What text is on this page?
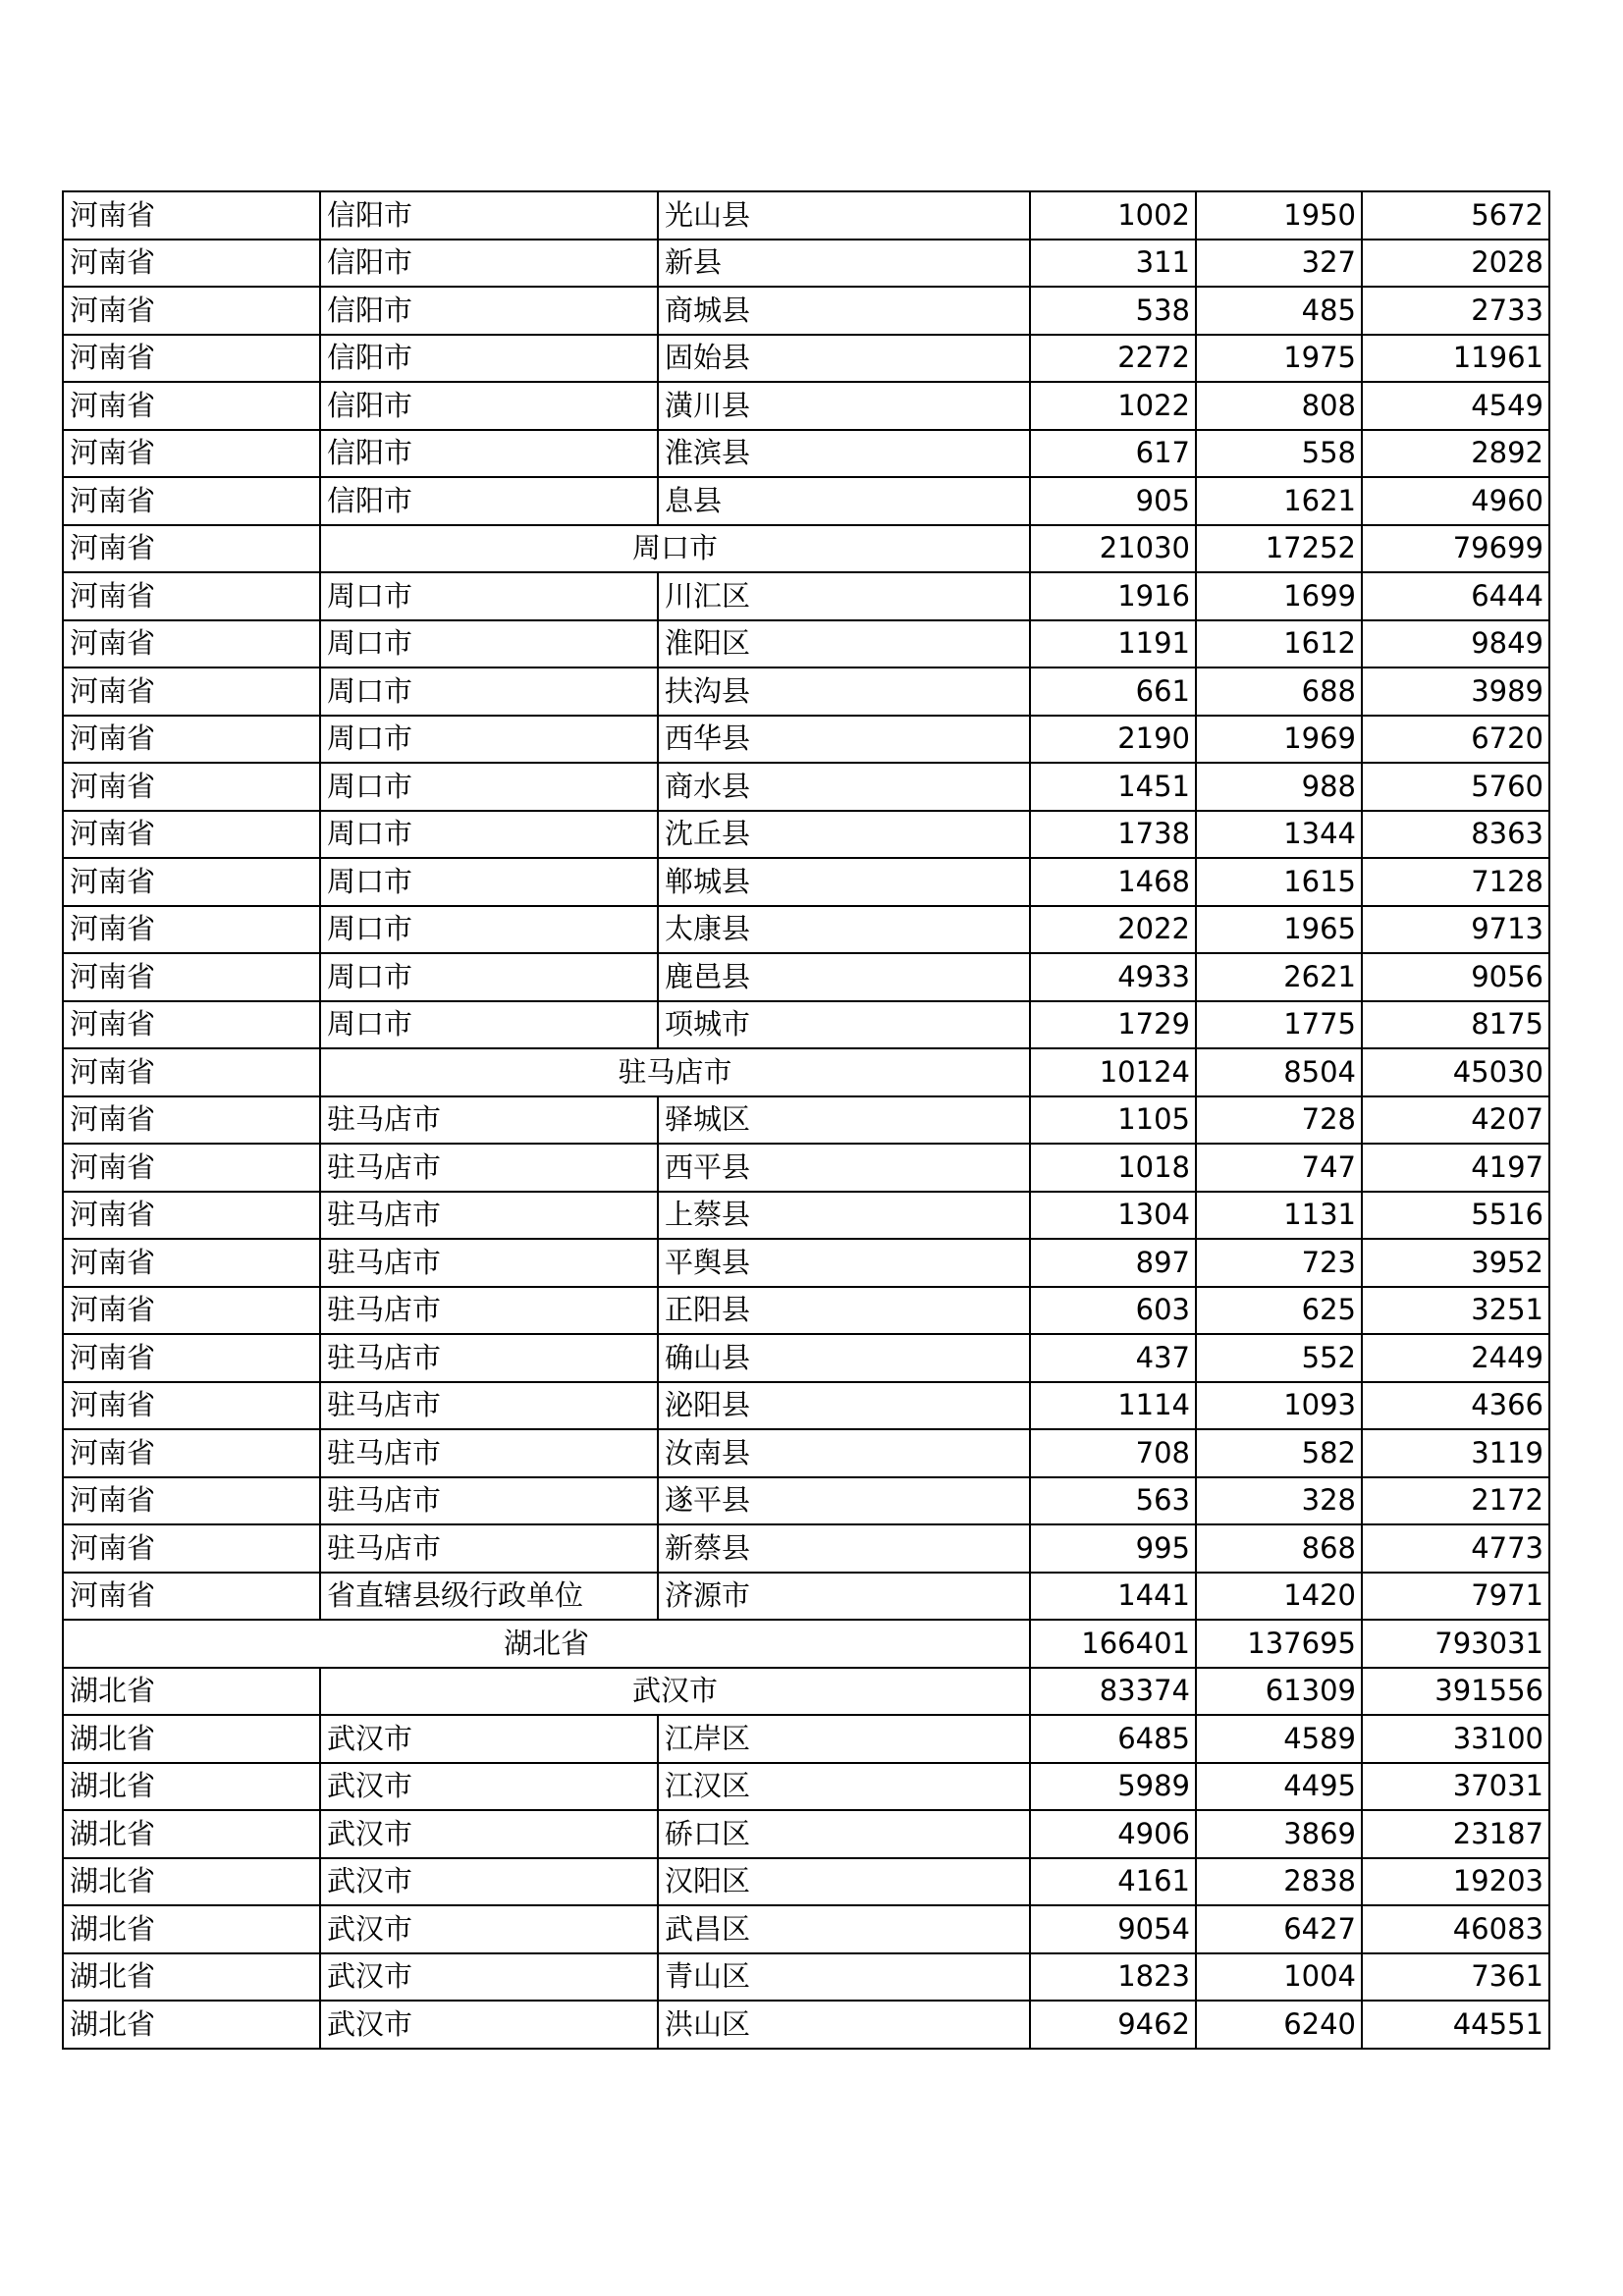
河南省	信阳市	光山县	1002	1950	5672
河南省	信阳市	新县	311	327	2028
河南省	信阳市	商城县	538	485	2733
河南省	信阳市	固始县	2272	1975	11961
河南省	信阳市	潢川县	1022	808	4549
河南省	信阳市	淮滨县	617	558	2892
河南省	信阳市	息县	905	1621	4960
河南省	周口市		21030	17252	79699
河南省	周口市	川汇区	1916	1699	6444
河南省	周口市	淮阳区	1191	1612	9849
河南省	周口市	扶沟县	661	688	3989
河南省	周口市	西华县	2190	1969	6720
河南省	周口市	商水县	1451	988	5760
河南省	周口市	沈丘县	1738	1344	8363
河南省	周口市	郸城县	1468	1615	7128
河南省	周口市	太康县	2022	1965	9713
河南省	周口市	鹿邑县	4933	2621	9056
河南省	周口市	项城市	1729	1775	8175
河南省	驻马店市		10124	8504	45030
河南省	驻马店市	驿城区	1105	728	4207
河南省	驻马店市	西平县	1018	747	4197
河南省	驻马店市	上蔡县	1304	1131	5516
河南省	驻马店市	平舆县	897	723	3952
河南省	驻马店市	正阳县	603	625	3251
河南省	驻马店市	确山县	437	552	2449
河南省	驻马店市	泌阳县	1114	1093	4366
河南省	驻马店市	汝南县	708	582	3119
河南省	驻马店市	遂平县	563	328	2172
河南省	驻马店市	新蔡县	995	868	4773
河南省	省直辖县级行政单位	济源市	1441	1420	7971
湖北省			166401	137695	793031
湖北省	武汉市		83374	61309	391556
湖北省	武汉市	江岸区	6485	4589	33100
湖北省	武汉市	江汉区	5989	4495	37031
湖北省	武汉市	硚口区	4906	3869	23187
湖北省	武汉市	汉阳区	4161	2838	19203
湖北省	武汉市	武昌区	9054	6427	46083
湖北省	武汉市	青山区	1823	1004	7361
湖北省	武汉市	洪山区	9462	6240	44551
